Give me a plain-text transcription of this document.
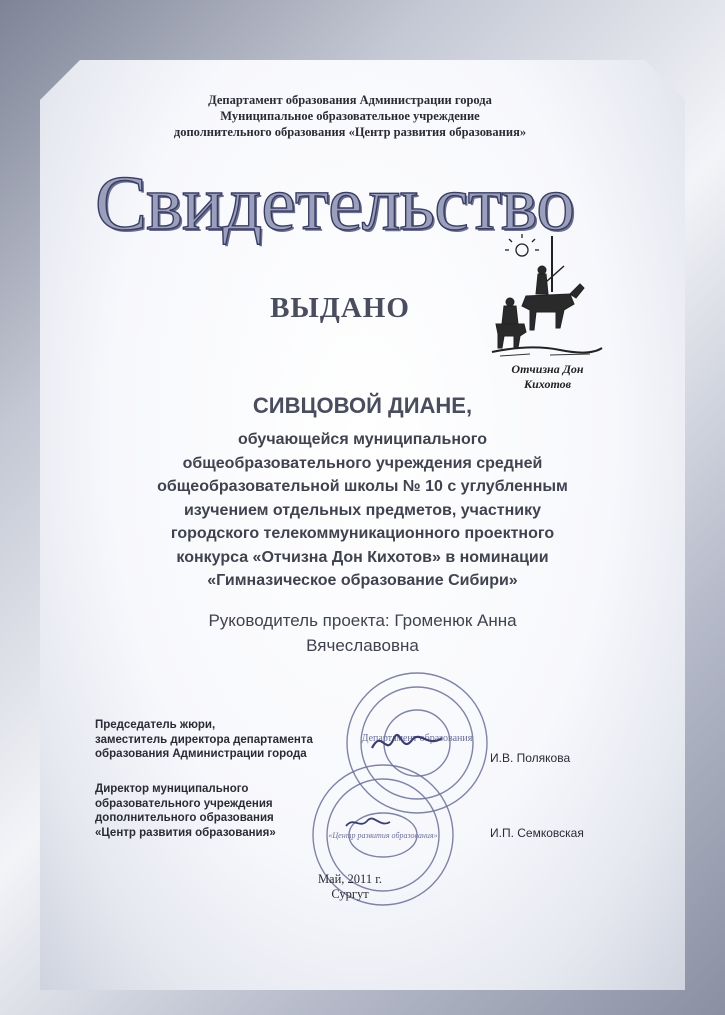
Департамент образования Администрации города
Муниципальное образовательное учреждение
дополнительного образования «Центр развития образования»
Свидетельство
ВЫДАНО
Отчизна Дон Кихотов
СИВЦОВОЙ ДИАНЕ,
обучающейся муниципального
общеобразовательного учреждения средней
общеобразовательной школы № 10 с углубленным
изучением отдельных предметов, участнику
городского телекоммуникационного проектного
конкурса «Отчизна Дон Кихотов» в номинации
«Гимназическое образование Сибири»
Руководитель проекта: Громенюк Анна
Вячеславовна
Департамент образования
«Центр развития образования»
Председатель жюри,
заместитель директора департамента
образования Администрации города	И.В. Полякова
Директор муниципального
образовательного учреждения
дополнительного образования
«Центр развития образования»	И.П. Семковская
Май, 2011 г.
Сургут
